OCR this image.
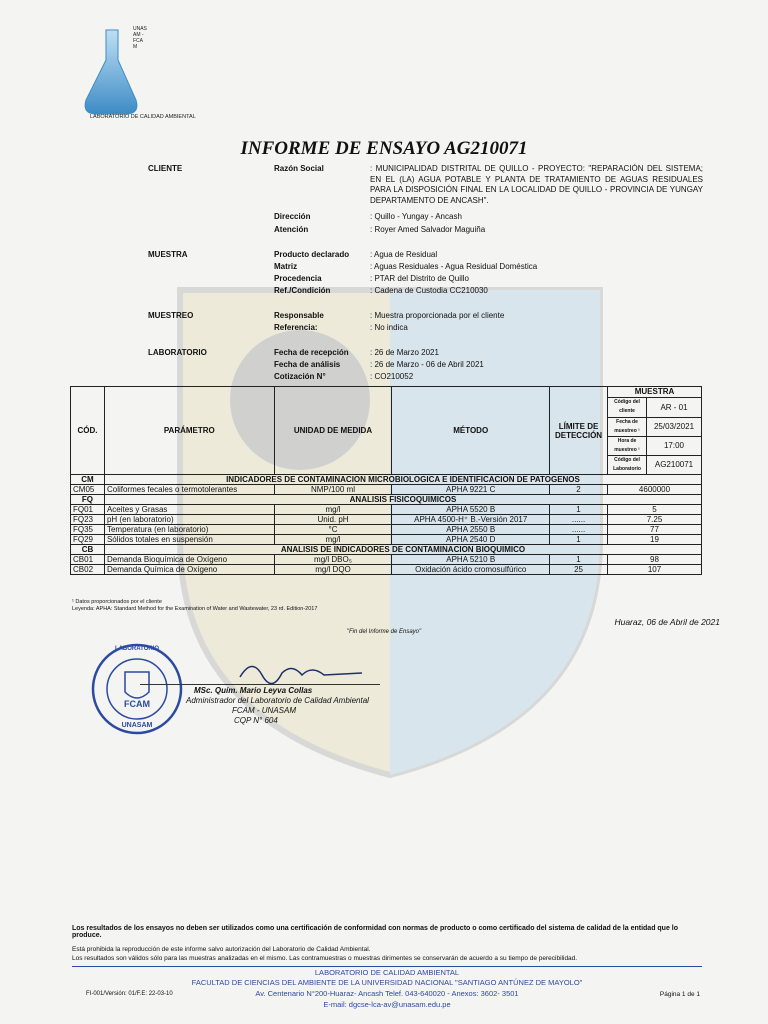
UNASAM - FCAM
LABORATORIO DE CALIDAD AMBIENTAL
INFORME DE ENSAYO AG210071
CLIENTE	Razón Social	: MUNICIPALIDAD DISTRITAL DE QUILLO - PROYECTO: "REPARACIÓN DEL SISTEMA; EN EL (LA) AGUA POTABLE Y PLANTA DE TRATAMIENTO DE AGUAS RESIDUALES PARA LA DISPOSICIÓN FINAL EN LA LOCALIDAD DE QUILLO - PROVINCIA DE YUNGAY DEPARTAMENTO DE ANCASH".
Dirección	: Quillo - Yungay - Ancash
Atención	: Royer Amed Salvador Maguiña
MUESTRA	Producto declarado	: Agua de Residual
Matriz	: Aguas Residuales - Agua Residual Doméstica
Procedencia	: PTAR del Distrito de Quillo
Ref./Condición	: Cadena de Custodia CC210030
MUESTREO	Responsable	: Muestra proporcionada por el cliente
Referencia:	: No indica
LABORATORIO	Fecha de recepción	: 26 de Marzo 2021
Fecha de análisis	: 26 de Marzo - 06 de Abril 2021
Cotización N°	: CO210052
CÓD.	PARÁMETRO	UNIDAD DE MEDIDA	MÉTODO	LÍMITE DE DETECCIÓN	
MUESTRA
Código del cliente	AR - 01
Fecha de muestreo ¹	25/03/2021
Hora de muestreo ¹	17:00
Código del Laboratorio	AG210071

CM	INDICADORES DE CONTAMINACION MICROBIOLOGICA E IDENTIFICACION DE PATOGENOS
CM05	Coliformes fecales o termotolerantes	NMP/100 ml	APHA 9221 C	2	4600000
FQ	ANALISIS FISICOQUIMICOS
FQ01	Aceites y Grasas	mg/l	APHA 5520 B	1	5
FQ23	pH (en laboratorio)	Unid. pH	APHA 4500-H⁺ B.-Versión 2017	......	7.25
FQ35	Temperatura (en laboratorio)	°C	APHA 2550 B	......	77
FQ29	Sólidos totales en suspensión	mg/l	APHA 2540 D	1	19
CB	ANALISIS DE INDICADORES DE CONTAMINACION BIOQUIMICO
CB01	Demanda Bioquímica de Oxígeno	mg/l DBO₅	APHA 5210 B	1	98
CB02	Demanda Química de Oxígeno	mg/l DQO	Oxidación ácido cromosulfúrico	25	107
¹ Datos proporcionados por el cliente
Leyenda: APHA: Standard Method for the Examination of Water and Wastewater, 23 rd. Edition-2017
Huaraz, 06 de Abril de 2021
"Fin del Informe de Ensayo"
LABORATORIO
FCAM
UNASAM
MSc. Quím. Mario Leyva Collas
Administrador del Laboratorio de Calidad Ambiental
FCAM - UNASAM
CQP N° 604
Los resultados de los ensayos no deben ser utilizados como una certificación de conformidad con normas de producto o como certificado del sistema de calidad de la entidad que lo produce.
Está prohibida la reproducción de este informe salvo autorización del Laboratorio de Calidad Ambiental.
Los resultados son válidos sólo para las muestras analizadas en el mismo. Las contramuestras o muestras dirimentes se conservarán de acuerdo a su tiempo de perecibilidad.
LABORATORIO DE CALIDAD AMBIENTAL
FACULTAD DE CIENCIAS DEL AMBIENTE DE LA UNIVERSIDAD NACIONAL "SANTIAGO ANTÚNEZ DE MAYOLO"
Av. Centenario N°200-Huaraz- Ancash Telef. 043-640020 - Anexos: 3602- 3501
E-mail: dgcse-lca-av@unasam.edu.pe
FI-001/Versión: 01/F.E: 22-03-10	Página 1 de 1
